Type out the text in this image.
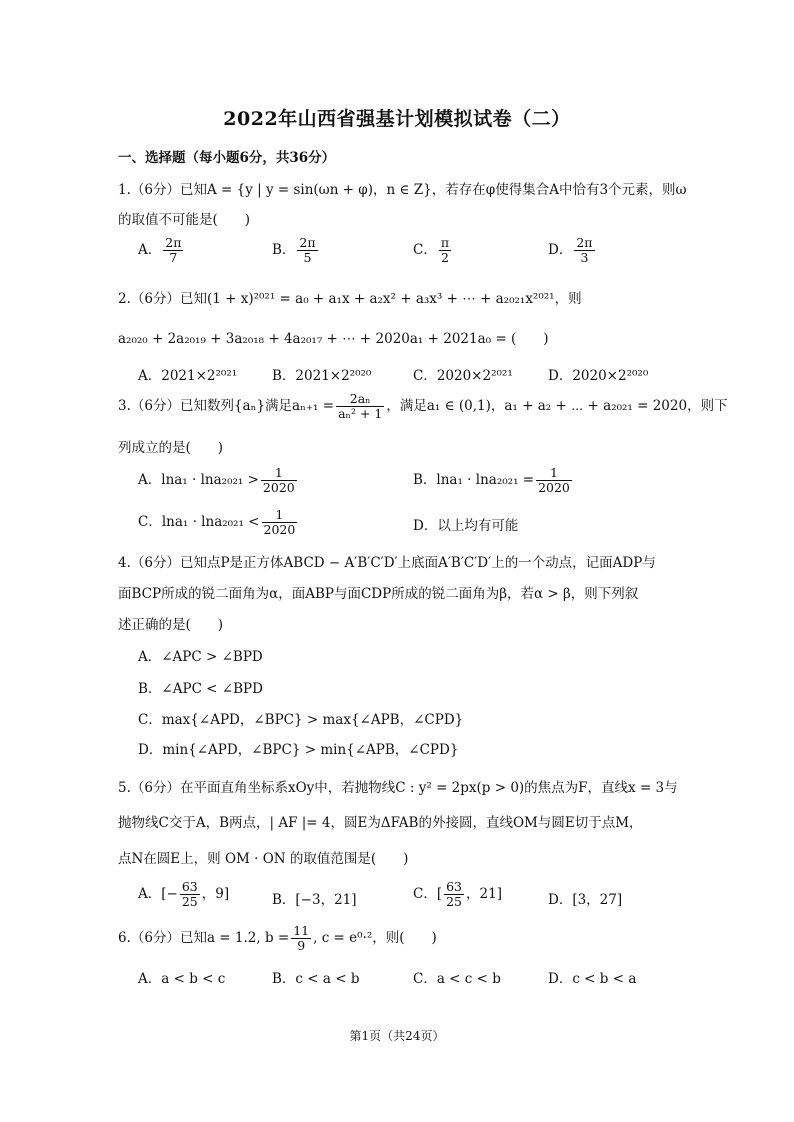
2022年山西省强基计划模拟试卷（二）
一、选择题（每小题6分，共36分）
1.（6分）已知A = {y | y = sin(ωn + φ)，n ∈ Z}，若存在φ使得集合A中恰有3个元素，则ω
的取值不可能是(　　)
A． $\frac{2\pi}{7}$	B． $\frac{2\pi}{5}$	C． $\frac{\pi}{2}$	D． $\frac{2\pi}{3}$
2.（6分）已知(1 + x)²⁰²¹ = a₀ + a₁x + a₂x² + a₃x³ + ⋯ + a₂₀₂₁x²⁰²¹，则
a₂₀₂₀ + 2a₂₀₁₉ + 3a₂₀₁₈ + 4a₂₀₁₇ + ⋯ + 2020a₁ + 2021a₀ = (　　)
A．2021×2²⁰²¹	B．2021×2²⁰²⁰	C．2020×2²⁰²¹	D．2020×2²⁰²⁰
3.（6分）已知数列{aₙ}满足$a_{n+1} = \frac{\text{2aₙ}}{\text{aₙ² + 1}}$ ，满足a₁ ∈ (0,1)，a₁ + a₂ + ⋯ + a₂₀₂₁ = 2020，则下
列成立的是(　　)
A．$\ln a_1 \cdot \ln a_{2021} > \frac{1}{2020}$	B．$\ln a_1 \cdot \ln a_{2021} = \frac{1}{2020}$
C．$\ln a_1 \cdot \ln a_{2021} < \frac{1}{2020}$	D．以上均有可能
4.（6分）已知点P是正方体ABCD − A′B′C′D′上底面A′B′C′D′上的一个动点，记面ADP与
面BCP所成的锐二面角为α，面ABP与面CDP所成的锐二面角为β，若α > β，则下列叙
述正确的是(　　)
A．∠APC > ∠BPD
B．∠APC < ∠BPD
C．max{∠APD，∠BPC} > max{∠APB，∠CPD}
D．min{∠APD，∠BPC} > min{∠APB，∠CPD}
5.（6分）在平面直角坐标系xOy中，若抛物线C : y² = 2px(p > 0)的焦点为F，直线x = 3与
抛物线C交于A，B两点，| AF |= 4，圆E为ΔFAB的外接圆，直线OM与圆E切于点M，
点N在圆E上，则 OM · ON 的取值范围是(　　)
A．[− $\frac{63}{25}$ ，9]	B．[−3，21]	C．[ $\frac{63}{25}$ ，21]	D．[3，27]
6.（6分）已知a = 1.2, $b = \frac{11}{9}$ , c = e⁰·²，则(　　)
A．a < b < c	B．c < a < b	C．a < c < b	D．c < b < a
第1页（共24页）
